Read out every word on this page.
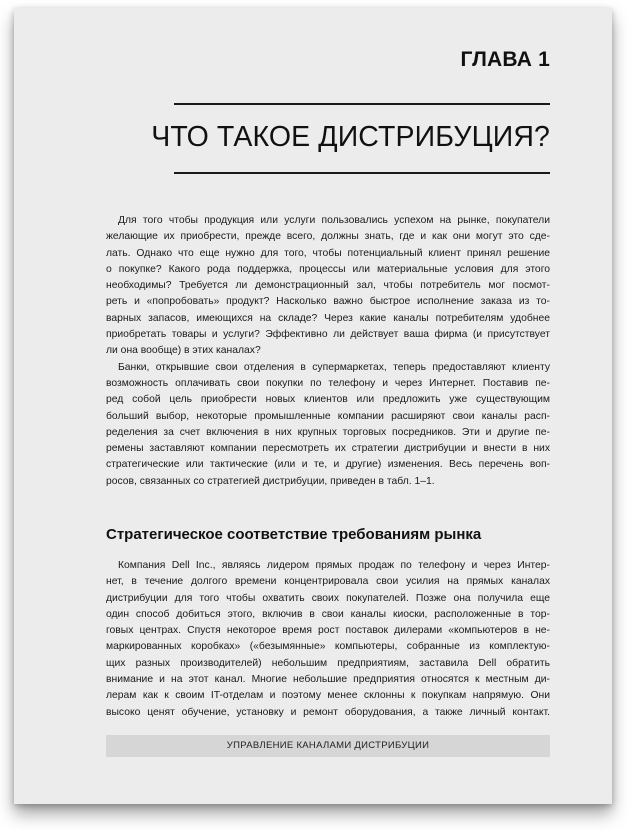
ГЛАВА 1
ЧТО ТАКОЕ ДИСТРИБУЦИЯ?
Для того чтобы продукция или услуги пользовались успехом на рынке, покупатели
желающие их приобрести, прежде всего, должны знать, где и как они могут это сде-
лать. Однако что еще нужно для того, чтобы потенциальный клиент принял решение
о покупке? Какого рода поддержка, процессы или материальные условия для этого
необходимы? Требуется ли демонстрационный зал, чтобы потребитель мог посмот-
реть и «попробовать» продукт? Насколько важно быстрое исполнение заказа из то-
варных запасов, имеющихся на складе? Через какие каналы потребителям удобнее
приобретать товары и услуги? Эффективно ли действует ваша фирма (и присутствует
ли она вообще) в этих каналах?
Банки, открывшие свои отделения в супермаркетах, теперь предоставляют клиенту
возможность оплачивать свои покупки по телефону и через Интернет. Поставив пе-
ред собой цель приобрести новых клиентов или предложить уже существующим
больший выбор, некоторые промышленные компании расширяют свои каналы расп-
ределения за счет включения в них крупных торговых посредников. Эти и другие пе-
ремены заставляют компании пересмотреть их стратегии дистрибуции и внести в них
стратегические или тактические (или и те, и другие) изменения. Весь перечень воп-
росов, связанных со стратегией дистрибуции, приведен в табл. 1–1.
Стратегическое соответствие требованиям рынка
Компания Dell Inc., являясь лидером прямых продаж по телефону и через Интер-
нет, в течение долгого времени концентрировала свои усилия на прямых каналах
дистрибуции для того чтобы охватить своих покупателей. Позже она получила еще
один способ добиться этого, включив в свои каналы киоски, расположенные в тор-
говых центрах. Спустя некоторое время рост поставок дилерами «компьютеров в не-
маркированных коробках» («безымянные» компьютеры, собранные из комплектую-
щих разных производителей) небольшим предприятиям, заставила Dell обратить
внимание и на этот канал. Многие небольшие предприятия относятся к местным ди-
лерам как к своим IT-отделам и поэтому менее склонны к покупкам напрямую. Они
высоко ценят обучение, установку и ремонт оборудования, а также личный контакт.
УПРАВЛЕНИЕ КАНАЛАМИ ДИСТРИБУЦИИ
